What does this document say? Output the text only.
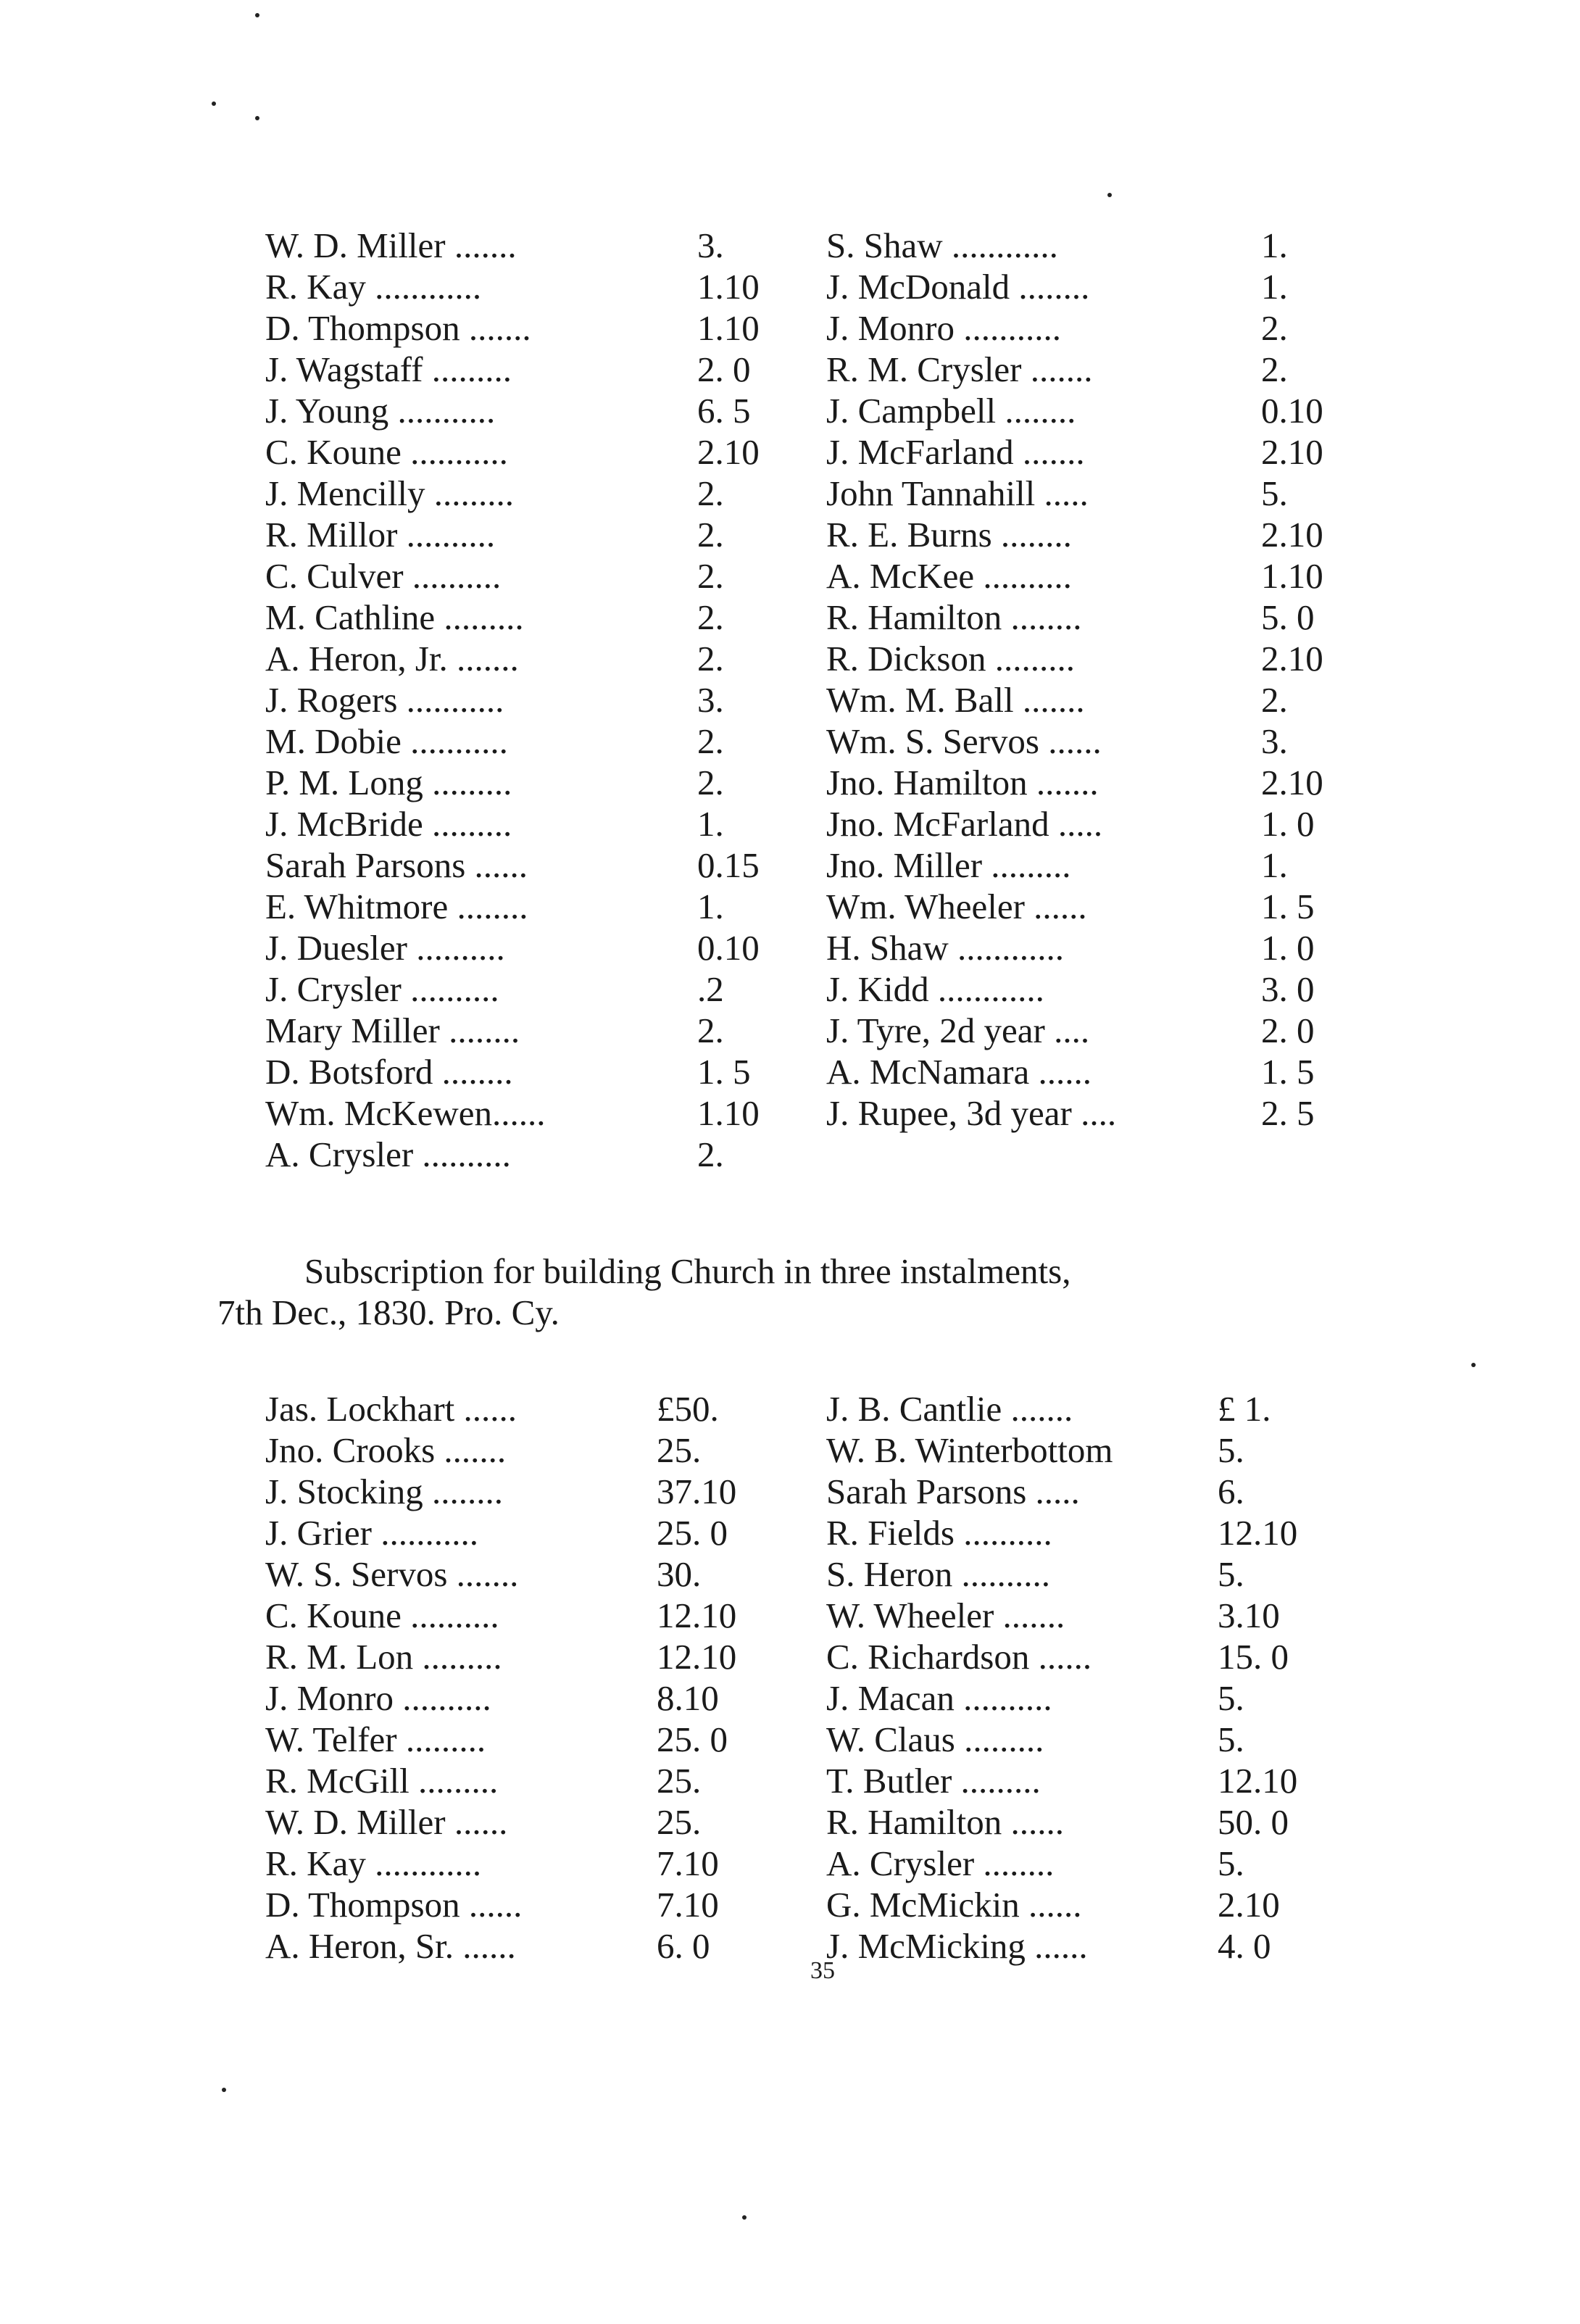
W. D. Miller .......	3.
R. Kay ............	1.10
D. Thompson .......	1.10
J. Wagstaff .........	2. 0
J. Young ...........	6. 5
C. Koune ...........	2.10
J. Mencilly .........	2.
R. Millor ..........	2.
C. Culver ..........	2.
M. Cathline .........	2.
A. Heron, Jr. .......	2.
J. Rogers ...........	3.
M. Dobie ...........	2.
P. M. Long .........	2.
J. McBride .........	1.
Sarah Parsons ......	0.15
E. Whitmore ........	1.
J. Duesler ..........	0.10
J. Crysler ..........	.2
Mary Miller ........	2.
D. Botsford ........	1. 5
Wm. McKewen......	1.10
A. Crysler ..........	2.
S. Shaw ............	1.
J. McDonald ........	1.
J. Monro ...........	2.
R. M. Crysler .......	2.
J. Campbell ........	0.10
J. McFarland .......	2.10
John Tannahill .....	5.
R. E. Burns ........	2.10
A. McKee ..........	1.10
R. Hamilton ........	5. 0
R. Dickson .........	2.10
Wm. M. Ball .......	2.
Wm. S. Servos ......	3.
Jno. Hamilton .......	2.10
Jno. McFarland .....	1. 0
Jno. Miller .........	1.
Wm. Wheeler ......	1. 5
H. Shaw ............	1. 0
J. Kidd ............	3. 0
J. Tyre, 2d year ....	2. 0
A. McNamara ......	1. 5
J. Rupee, 3d year ....	2. 5
Subscription for building Church in three instalments,
7th Dec., 1830. Pro. Cy.
Jas. Lockhart ......	£50.
Jno. Crooks .......	25.
J. Stocking ........	37.10
J. Grier ...........	25. 0
W. S. Servos .......	30.
C. Koune ..........	12.10
R. M. Lon .........	12.10
J. Monro ..........	8.10
W. Telfer .........	25. 0
R. McGill .........	25.
W. D. Miller ......	25.
R. Kay ............	7.10
D. Thompson ......	7.10
A. Heron, Sr. ......	6. 0
J. B. Cantlie .......	£ 1.
W. B. Winterbottom	5.
Sarah Parsons .....	6.
R. Fields ..........	12.10
S. Heron ..........	5.
W. Wheeler .......	3.10
C. Richardson ......	15. 0
J. Macan ..........	5.
W. Claus .........	5.
T. Butler .........	12.10
R. Hamilton ......	50. 0
A. Crysler ........	5.
G. McMickin ......	2.10
J. McMicking ......	4. 0
35
